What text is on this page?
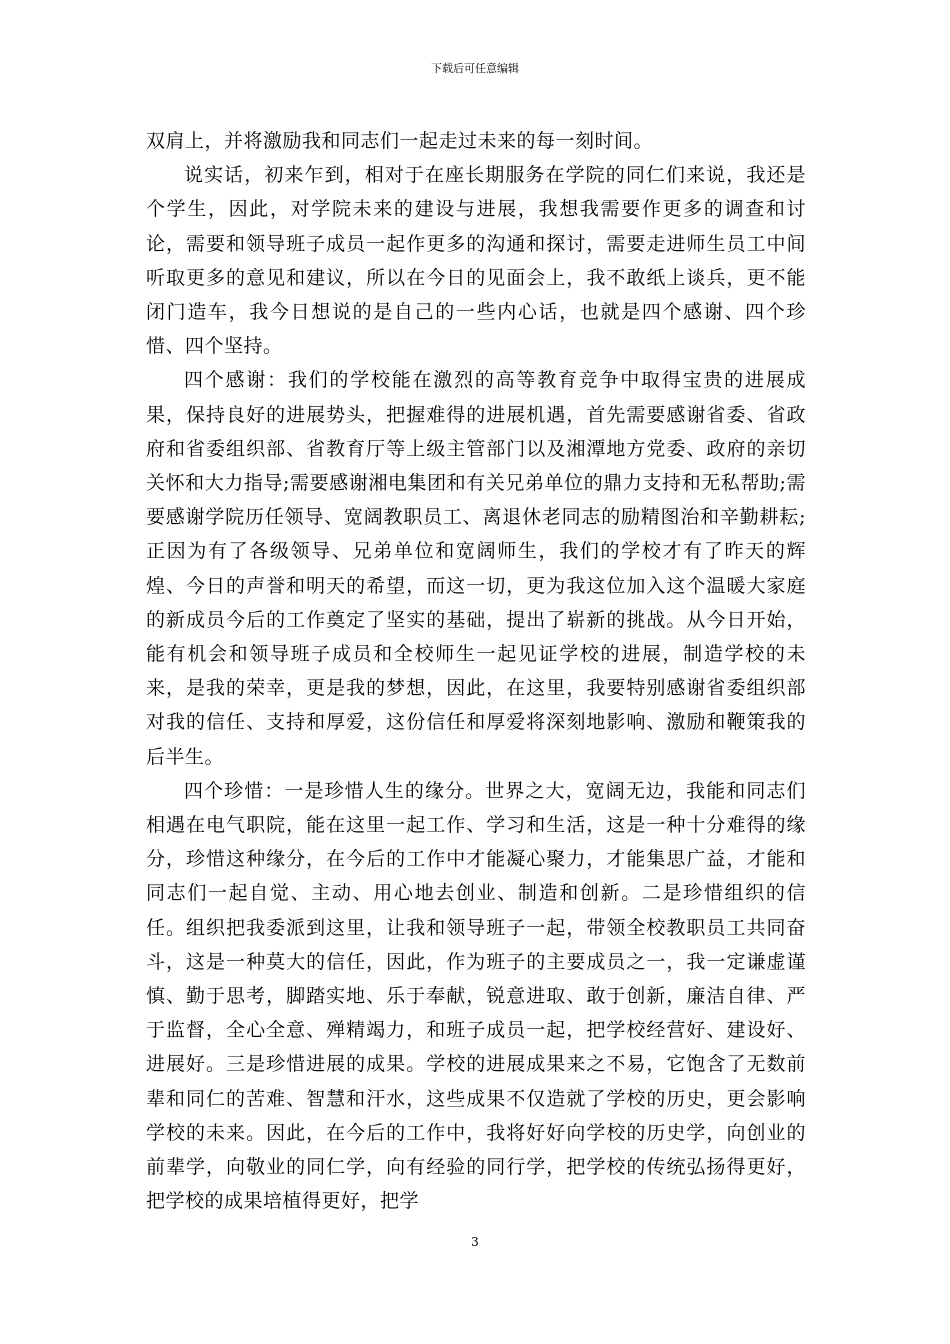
下载后可任意编辑

双肩上，并将激励我和同志们一起走过未来的每一刻时间。

说实话，初来乍到，相对于在座长期服务在学院的同仁们来说，我还是个学生，因此，对学院未来的建设与进展，我想我需要作更多的调查和讨论，需要和领导班子成员一起作更多的沟通和探讨，需要走进师生员工中间听取更多的意见和建议，所以在今日的见面会上，我不敢纸上谈兵，更不能闭门造车，我今日想说的是自己的一些内心话，也就是四个感谢、四个珍惜、四个坚持。

四个感谢：我们的学校能在激烈的高等教育竞争中取得宝贵的进展成果，保持良好的进展势头，把握难得的进展机遇，首先需要感谢省委、省政府和省委组织部、省教育厅等上级主管部门以及湘潭地方党委、政府的亲切关怀和大力指导;需要感谢湘电集团和有关兄弟单位的鼎力支持和无私帮助;需要感谢学院历任领导、宽阔教职员工、离退休老同志的励精图治和辛勤耕耘;正因为有了各级领导、兄弟单位和宽阔师生，我们的学校才有了昨天的辉煌、今日的声誉和明天的希望，而这一切，更为我这位加入这个温暖大家庭的新成员今后的工作奠定了坚实的基础，提出了崭新的挑战。从今日开始，能有机会和领导班子成员和全校师生一起见证学校的进展，制造学校的未来，是我的荣幸，更是我的梦想，因此，在这里，我要特别感谢省委组织部对我的信任、支持和厚爱，这份信任和厚爱将深刻地影响、激励和鞭策我的后半生。

四个珍惜：一是珍惜人生的缘分。世界之大，宽阔无边，我能和同志们相遇在电气职院，能在这里一起工作、学习和生活，这是一种十分难得的缘分，珍惜这种缘分，在今后的工作中才能凝心聚力，才能集思广益，才能和同志们一起自觉、主动、用心地去创业、制造和创新。二是珍惜组织的信任。组织把我委派到这里，让我和领导班子一起，带领全校教职员工共同奋斗，这是一种莫大的信任，因此，作为班子的主要成员之一，我一定谦虚谨慎、勤于思考，脚踏实地、乐于奉献，锐意进取、敢于创新，廉洁自律、严于监督，全心全意、殚精竭力，和班子成员一起，把学校经营好、建设好、进展好。三是珍惜进展的成果。学校的进展成果来之不易，它饱含了无数前辈和同仁的苦难、智慧和汗水，这些成果不仅造就了学校的历史，更会影响学校的未来。因此，在今后的工作中，我将好好向学校的历史学，向创业的前辈学，向敬业的同仁学，向有经验的同行学，把学校的传统弘扬得更好，把学校的成果培植得更好，把学

3
